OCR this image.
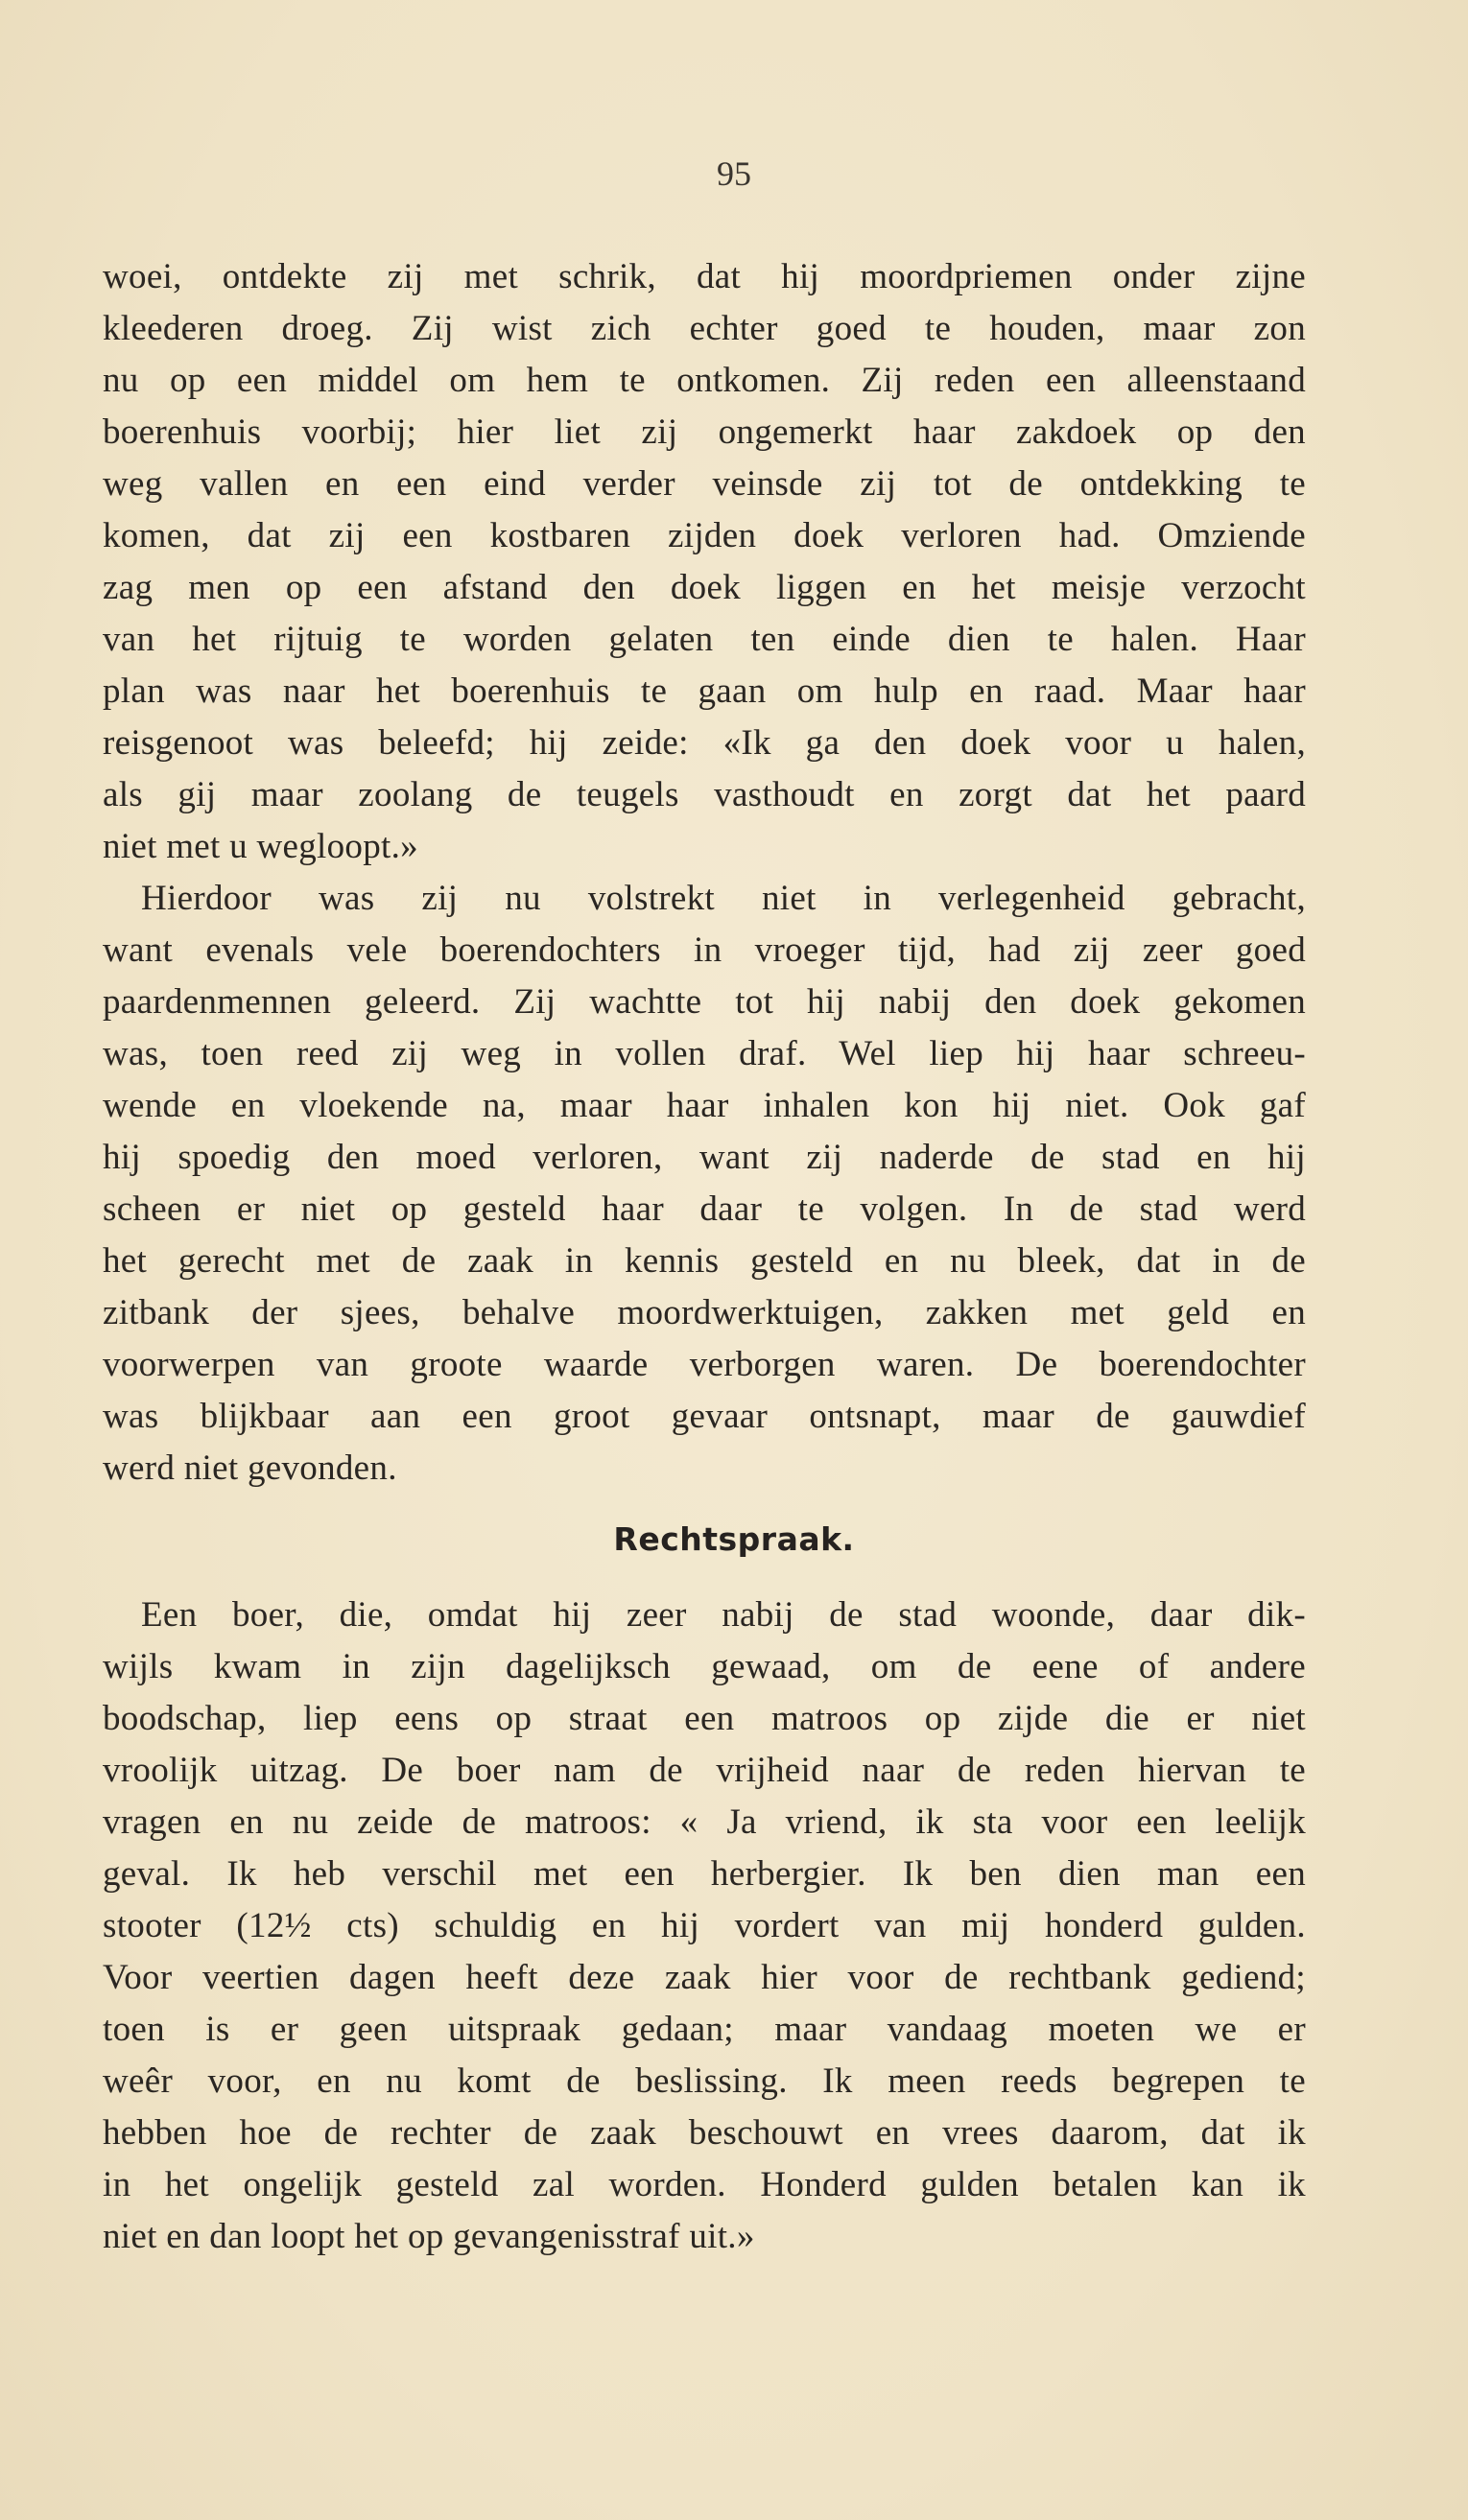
95
woei, ontdekte zij met schrik, dat hij moordpriemen onder zijne
kleederen droeg. Zij wist zich echter goed te houden, maar zon
nu op een middel om hem te ontkomen. Zij reden een alleenstaand
boerenhuis voorbij; hier liet zij ongemerkt haar zakdoek op den
weg vallen en een eind verder veinsde zij tot de ontdekking te
komen, dat zij een kostbaren zijden doek verloren had. Omziende
zag men op een afstand den doek liggen en het meisje verzocht
van het rijtuig te worden gelaten ten einde dien te halen. Haar
plan was naar het boerenhuis te gaan om hulp en raad. Maar haar
reisgenoot was beleefd; hij zeide: «Ik ga den doek voor u halen,
als gij maar zoolang de teugels vasthoudt en zorgt dat het paard
niet met u wegloopt.»
Hierdoor was zij nu volstrekt niet in verlegenheid gebracht,
want evenals vele boerendochters in vroeger tijd, had zij zeer goed
paardenmennen geleerd. Zij wachtte tot hij nabij den doek gekomen
was, toen reed zij weg in vollen draf. Wel liep hij haar schreeu-
wende en vloekende na, maar haar inhalen kon hij niet. Ook gaf
hij spoedig den moed verloren, want zij naderde de stad en hij
scheen er niet op gesteld haar daar te volgen. In de stad werd
het gerecht met de zaak in kennis gesteld en nu bleek, dat in de
zitbank der sjees, behalve moordwerktuigen, zakken met geld en
voorwerpen van groote waarde verborgen waren. De boerendochter
was blijkbaar aan een groot gevaar ontsnapt, maar de gauwdief
werd niet gevonden.
Rechtspraak.
Een boer, die, omdat hij zeer nabij de stad woonde, daar dik-
wijls kwam in zijn dagelijksch gewaad, om de eene of andere
boodschap, liep eens op straat een matroos op zijde die er niet
vroolijk uitzag. De boer nam de vrijheid naar de reden hiervan te
vragen en nu zeide de matroos: « Ja vriend, ik sta voor een leelijk
geval. Ik heb verschil met een herbergier. Ik ben dien man een
stooter (12½ cts) schuldig en hij vordert van mij honderd gulden.
Voor veertien dagen heeft deze zaak hier voor de rechtbank gediend;
toen is er geen uitspraak gedaan; maar vandaag moeten we er
weêr voor, en nu komt de beslissing. Ik meen reeds begrepen te
hebben hoe de rechter de zaak beschouwt en vrees daarom, dat ik
in het ongelijk gesteld zal worden. Honderd gulden betalen kan ik
niet en dan loopt het op gevangenisstraf uit.»
